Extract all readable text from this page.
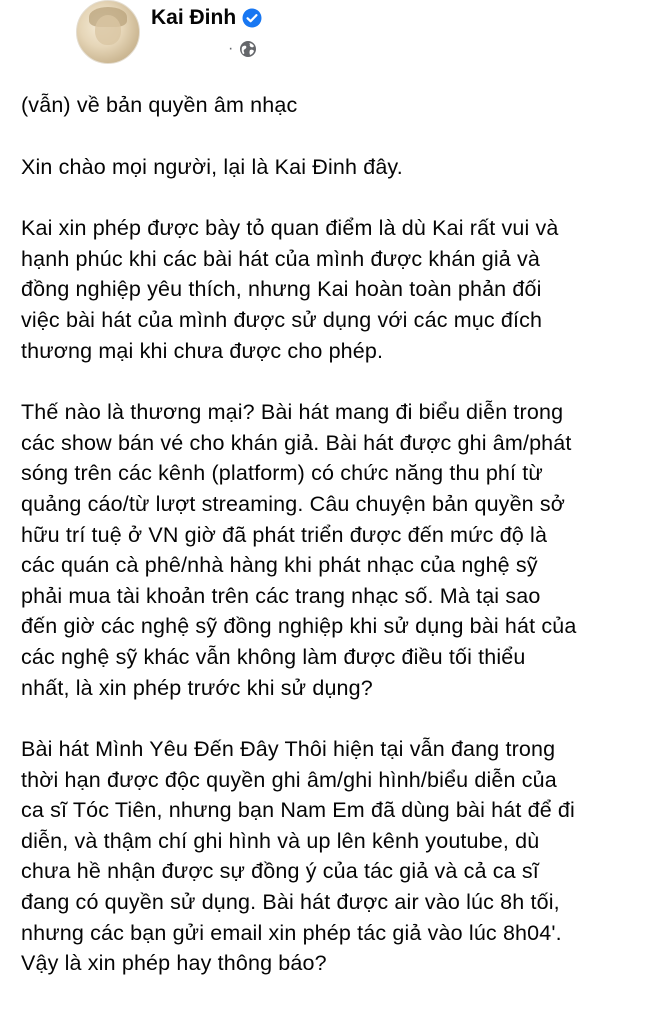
Kai Đinh
·

(vẫn) về bản quyền âm nhạc

Xin chào mọi người, lại là Kai Đinh đây.

Kai xin phép được bày tỏ quan điểm là dù Kai rất vui và
hạnh phúc khi các bài hát của mình được khán giả và
đồng nghiệp yêu thích, nhưng Kai hoàn toàn phản đối
việc bài hát của mình được sử dụng với các mục đích
thương mại khi chưa được cho phép.

Thế nào là thương mại? Bài hát mang đi biểu diễn trong
các show bán vé cho khán giả. Bài hát được ghi âm/phát
sóng trên các kênh (platform) có chức năng thu phí từ
quảng cáo/từ lượt streaming. Câu chuyện bản quyền sở
hữu trí tuệ ở VN giờ đã phát triển được đến mức độ là
các quán cà phê/nhà hàng khi phát nhạc của nghệ sỹ
phải mua tài khoản trên các trang nhạc số. Mà tại sao
đến giờ các nghệ sỹ đồng nghiệp khi sử dụng bài hát của
các nghệ sỹ khác vẫn không làm được điều tối thiểu
nhất, là xin phép trước khi sử dụng?

Bài hát Mình Yêu Đến Đây Thôi hiện tại vẫn đang trong
thời hạn được độc quyền ghi âm/ghi hình/biểu diễn của
ca sĩ Tóc Tiên, nhưng bạn Nam Em đã dùng bài hát để đi
diễn, và thậm chí ghi hình và up lên kênh youtube, dù
chưa hề nhận được sự đồng ý của tác giả và cả ca sĩ
đang có quyền sử dụng. Bài hát được air vào lúc 8h tối,
nhưng các bạn gửi email xin phép tác giả vào lúc 8h04'.
Vậy là xin phép hay thông báo?
